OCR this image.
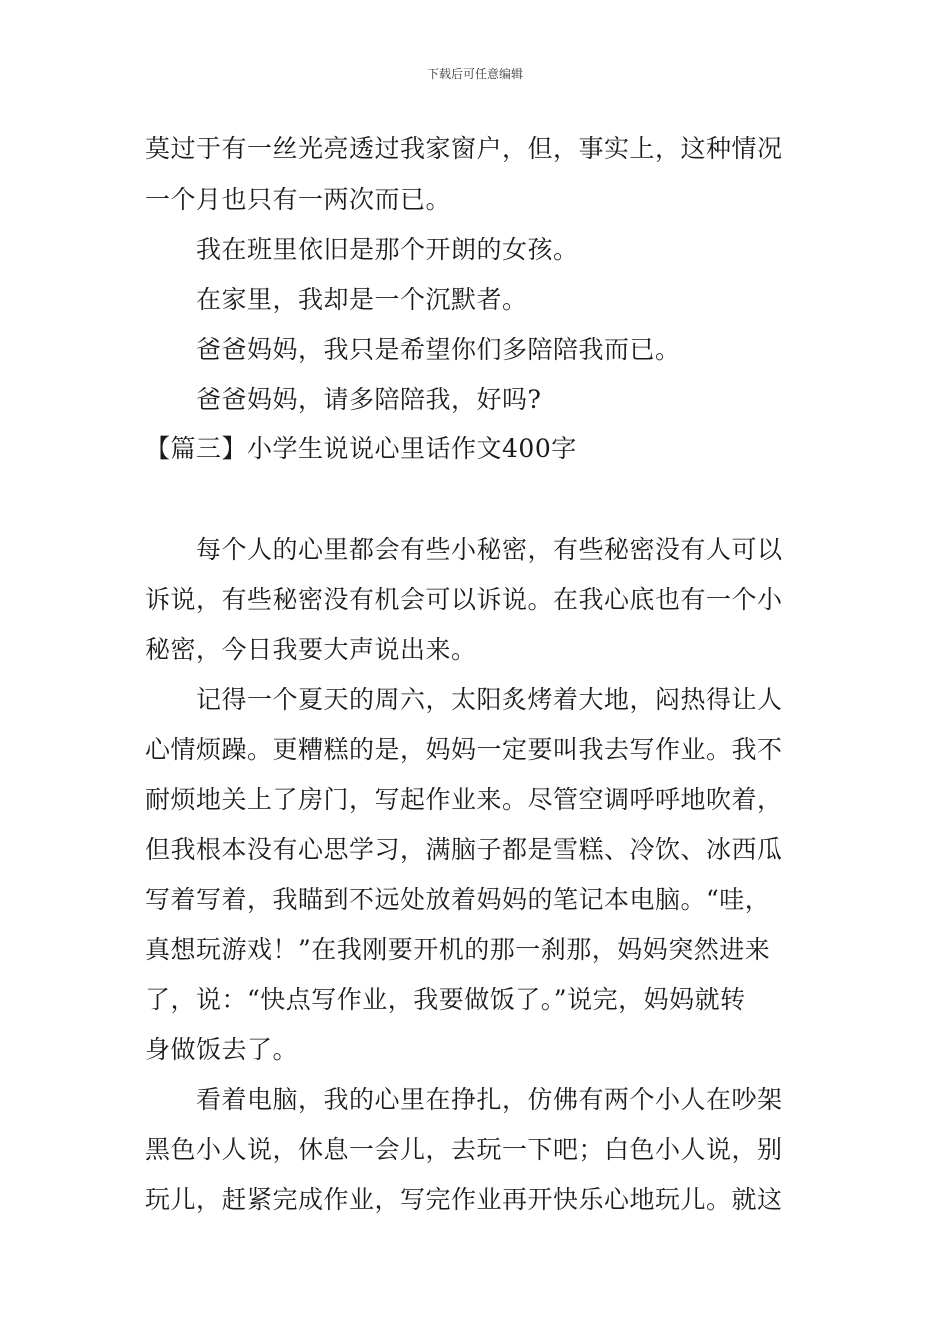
下载后可任意编辑
莫过于有一丝光亮透过我家窗户，但，事实上，这种情况
一个月也只有一两次而已。
我在班里依旧是那个开朗的女孩。
在家里，我却是一个沉默者。
爸爸妈妈，我只是希望你们多陪陪我而已。
爸爸妈妈，请多陪陪我，好吗?
【篇三】小学生说说心里话作文400字
每个人的心里都会有些小秘密，有些秘密没有人可以
诉说，有些秘密没有机会可以诉说。在我心底也有一个小
秘密，今日我要大声说出来。
记得一个夏天的周六，太阳炙烤着大地，闷热得让人
心情烦躁。更糟糕的是，妈妈一定要叫我去写作业。我不
耐烦地关上了房门，写起作业来。尽管空调呼呼地吹着，
但我根本没有心思学习，满脑子都是雪糕、冷饮、冰西瓜
写着写着，我瞄到不远处放着妈妈的笔记本电脑。“哇，
真想玩游戏！”在我刚要开机的那一刹那，妈妈突然进来
了，说：“快点写作业，我要做饭了。”说完，妈妈就转
身做饭去了。
看着电脑，我的心里在挣扎，仿佛有两个小人在吵架
黑色小人说，休息一会儿，去玩一下吧；白色小人说，别
玩儿，赶紧完成作业，写完作业再开快乐心地玩儿。就这
